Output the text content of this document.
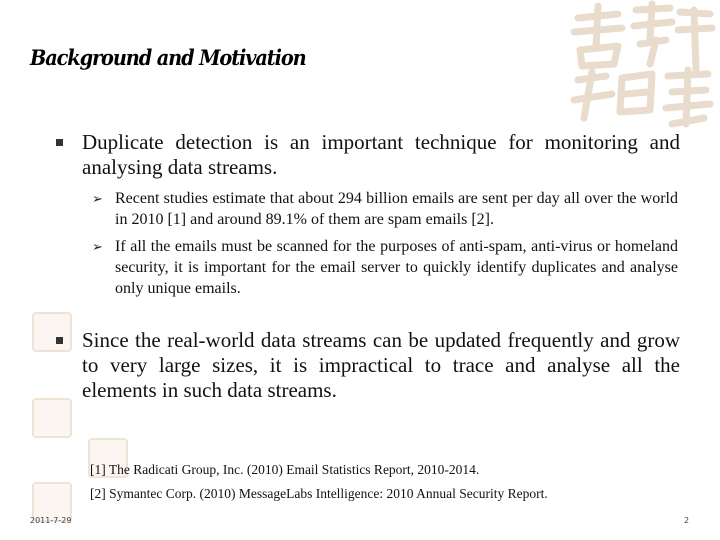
Background and Motivation
Duplicate detection is an important technique for monitoring and analysing data streams.
➢ Recent studies estimate that about 294 billion emails are sent per day all over the world in 2010 [1] and around 89.1% of them are spam emails [2].
➢ If all the emails must be scanned for the purposes of anti-spam, anti-virus or homeland security, it is important for the email server to quickly identify duplicates and analyse only unique emails.
Since the real-world data streams can be updated frequently and grow to very large sizes, it is impractical to trace and analyse all the elements in such data streams.
[1] The Radicati Group, Inc. (2010) Email Statistics Report, 2010-2014.
[2] Symantec Corp. (2010) MessageLabs Intelligence: 2010 Annual Security Report.
2011-7-29	2
